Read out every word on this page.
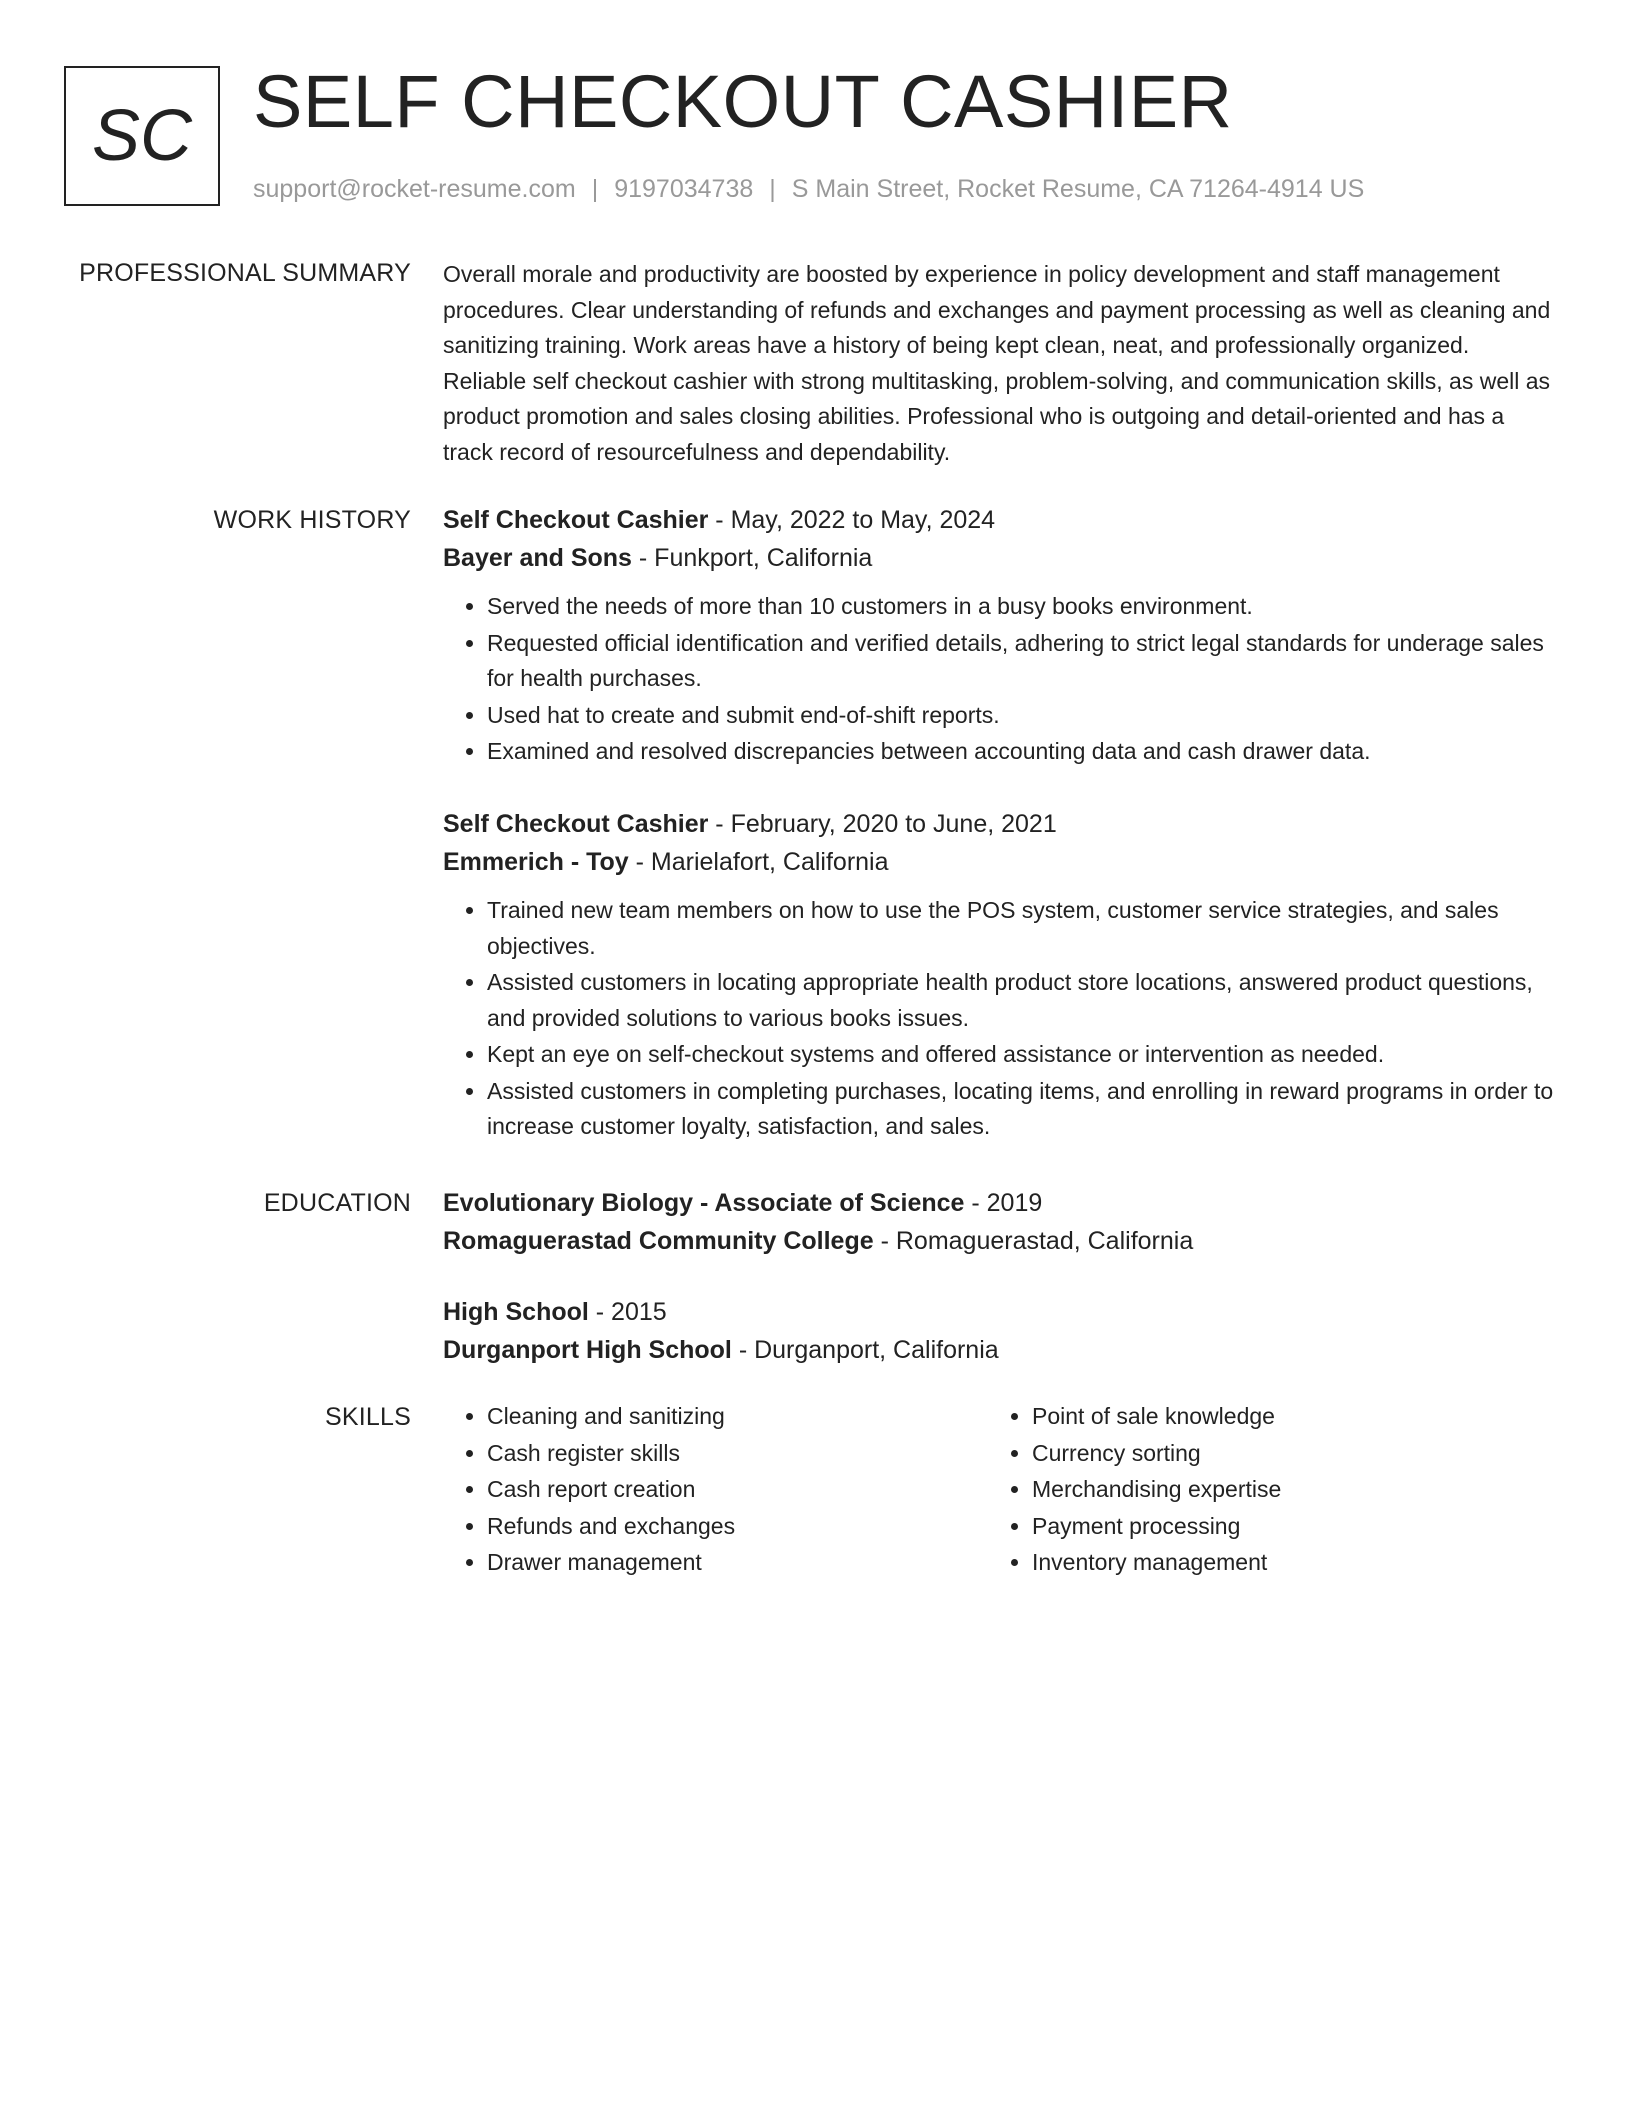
SC SELF CHECKOUT CASHIER
support@rocket-resume.com | 9197034738 | S Main Street, Rocket Resume, CA 71264-4914 US
PROFESSIONAL SUMMARY Overall morale and productivity are boosted by experience in policy development and staff management procedures. Clear understanding of refunds and exchanges and payment processing as well as cleaning and sanitizing training. Work areas have a history of being kept clean, neat, and professionally organized. Reliable self checkout cashier with strong multitasking, problem-solving, and communication skills, as well as product promotion and sales closing abilities. Professional who is outgoing and detail-oriented and has a track record of resourcefulness and dependability.

WORK HISTORY Self Checkout Cashier - May, 2022 to May, 2024
Bayer and Sons - Funkport, California
• Served the needs of more than 10 customers in a busy books environment.
• Requested official identification and verified details, adhering to strict legal standards for underage sales for health purchases.
• Used hat to create and submit end-of-shift reports.
• Examined and resolved discrepancies between accounting data and cash drawer data.
Self Checkout Cashier - February, 2020 to June, 2021
Emmerich - Toy - Marielafort, California
• Trained new team members on how to use the POS system, customer service strategies, and sales objectives.
• Assisted customers in locating appropriate health product store locations, answered product questions, and provided solutions to various books issues.
• Kept an eye on self-checkout systems and offered assistance or intervention as needed.
• Assisted customers in completing purchases, locating items, and enrolling in reward programs in order to increase customer loyalty, satisfaction, and sales.
EDUCATION Evolutionary Biology - Associate of Science - 2019
Romaguerastad Community College - Romaguerastad, California
High School - 2015
Durganport High School - Durganport, California
SKILLS
•	Cleaning and sanitizing
• Cash register skills
• Cash report creation
• Refunds and exchanges
• Drawer management
• Point of sale knowledge
• Currency sorting
• Merchandising expertise
• Payment processing
• Inventory management
